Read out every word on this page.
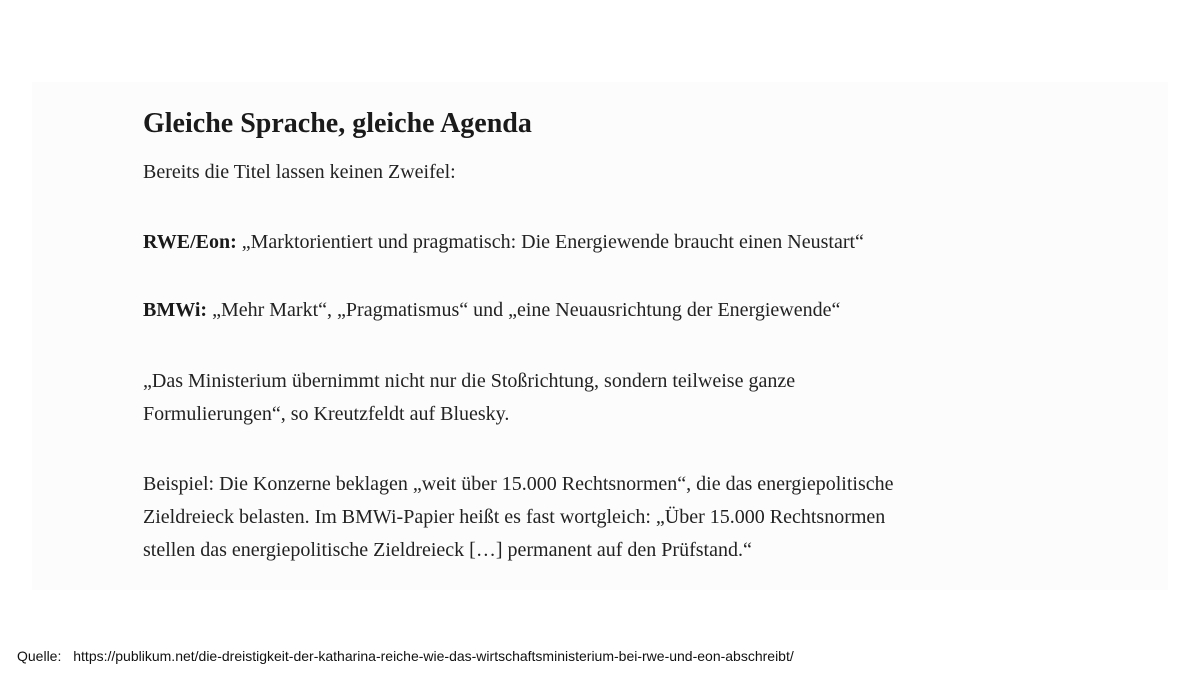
Gleiche Sprache, gleiche Agenda
Bereits die Titel lassen keinen Zweifel:
RWE/Eon: „Marktorientiert und pragmatisch: Die Energiewende braucht einen Neustart“
BMWi: „Mehr Markt“, „Pragmatismus“ und „eine Neuausrichtung der Energiewende“
„Das Ministerium übernimmt nicht nur die Stoßrichtung, sondern teilweise ganze
Formulierungen“, so Kreutzfeldt auf Bluesky.
Beispiel: Die Konzerne beklagen „weit über 15.000 Rechtsnormen“, die das energiepolitische
Zieldreieck belasten. Im BMWi-Papier heißt es fast wortgleich: „Über 15.000 Rechtsnormen
stellen das energiepolitische Zieldreieck […] permanent auf den Prüfstand.“
Quelle: https://publikum.net/die-dreistigkeit-der-katharina-reiche-wie-das-wirtschaftsministerium-bei-rwe-und-eon-abschreibt/
